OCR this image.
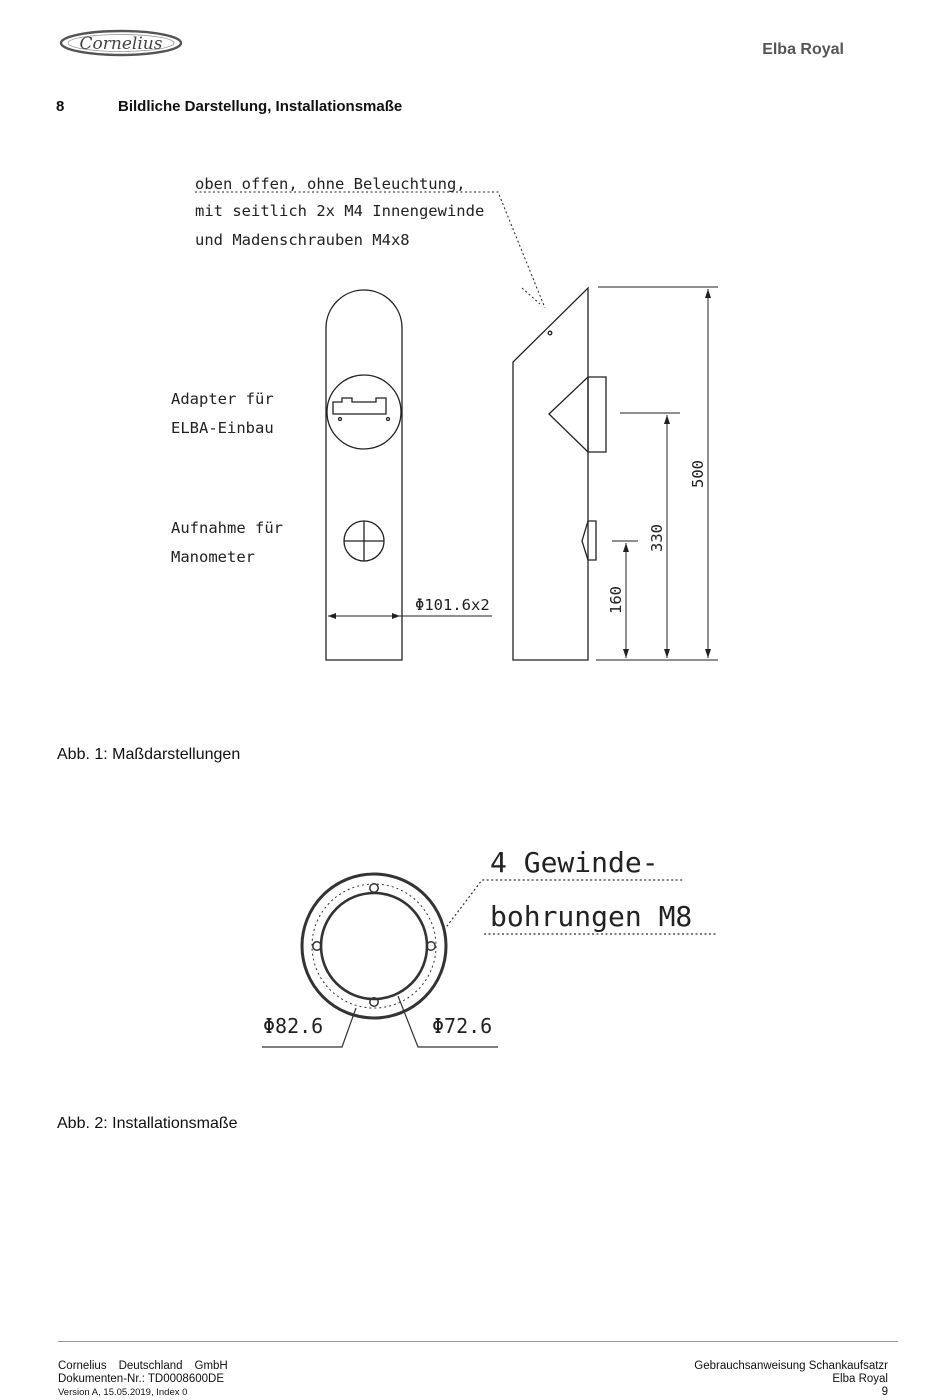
Cornelius	Elba Royal
8	Bildliche Darstellung, Installationsmaße
oben offen, ohne Beleuchtung,
mit seitlich 2x M4 Innengewinde
und Madenschrauben M4x8
Adapter für
ELBA-Einbau
Aufnahme für
Manometer
Φ101.6x2
500
330
160
4 Gewinde-
bohrungen M8
Φ82.6	Φ72.6
Abb. 1: Maßdarstellungen
Abb. 2: Installationsmaße
Cornelius Deutschland GmbH
Dokumenten-Nr.: TD0008600DE
Version A, 15.05.2019, Index 0
Gebrauchsanweisung Schankaufsatzr
Elba Royal
9
